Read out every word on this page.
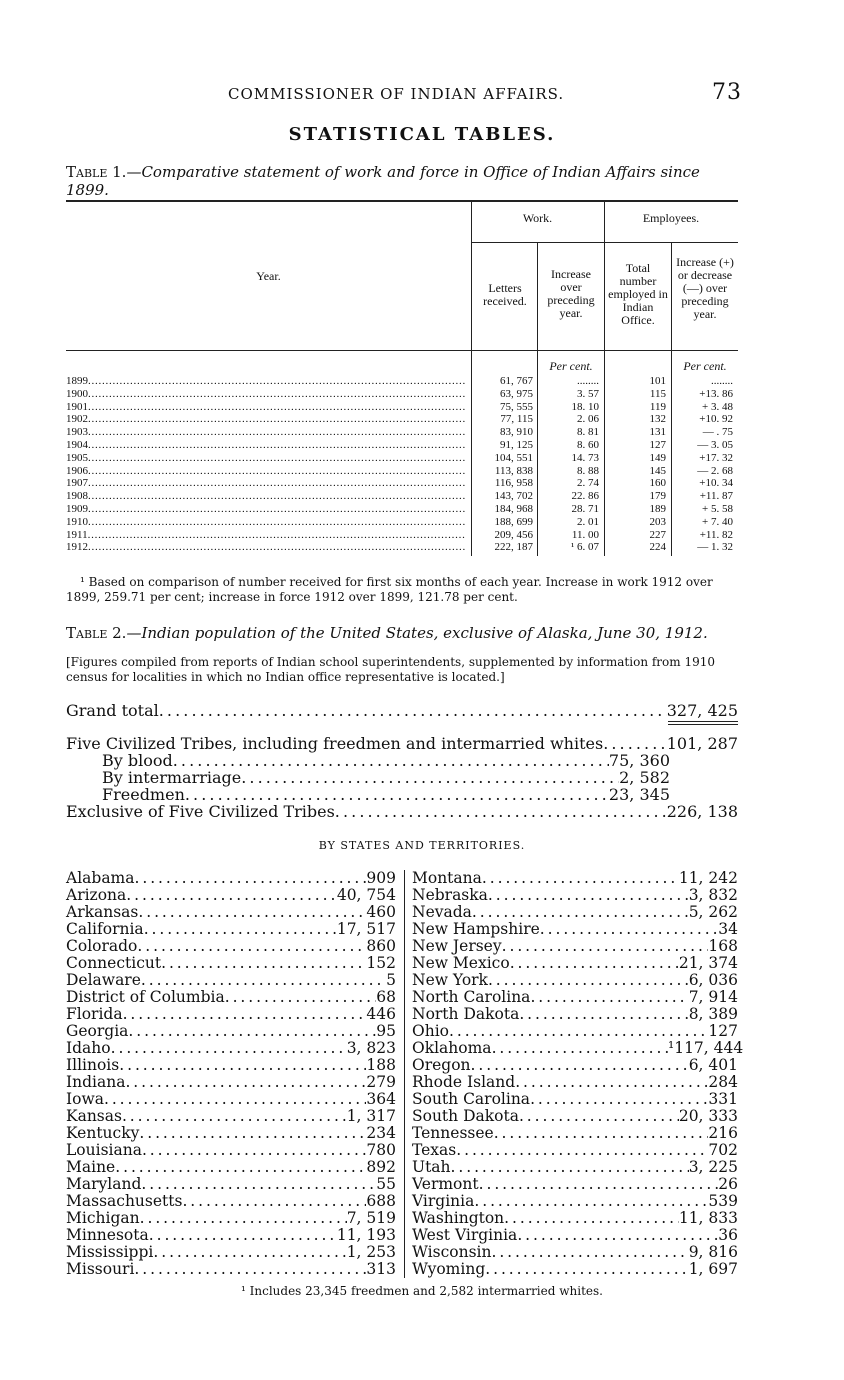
COMMISSIONER OF INDIAN AFFAIRS.	73
STATISTICAL TABLES.
Table 1.—Comparative statement of work and force in Office of Indian Affairs since 1899.
Year.
Work.	Employees.
Letters received.
Increase over preceding year.
Total number employed in Indian Office.
Increase (+) or decrease (—) over preceding year.
Per cent.	Per cent.
1899 . . .	61, 767	........	101	........
1900 . . .	63, 975	3. 57	115	+13. 86
1901 . . .	75, 555	18. 10	119	+ 3. 48
1902 . . .	77, 115	2. 06	132	+10. 92
1903 . . .	83, 910	8. 81	131	— . 75
1904 . . .	91, 125	8. 60	127	— 3. 05
1905 . . .	104, 551	14. 73	149	+17. 32
1906 . . .	113, 838	8. 88	145	— 2. 68
1907 . . .	116, 958	2. 74	160	+10. 34
1908 . . .	143, 702	22. 86	179	+11. 87
1909 . . .	184, 968	28. 71	189	+ 5. 58
1910 . . .	188, 699	2. 01	203	+ 7. 40
1911 . . .	209, 456	11. 00	227	+11. 82
1912 . . .	222, 187	¹ 6. 07	224	— 1. 32
¹ Based on comparison of number received for first six months of each year. Increase in work 1912 over 1899, 259.71 per cent; increase in force 1912 over 1899, 121.78 per cent.
Table 2.—Indian population of the United States, exclusive of Alaska, June 30, 1912.
[Figures compiled from reports of Indian school superintendents, supplemented by information from 1910 census for localities in which no Indian office representative is located.]
Grand total . . .	327, 425
Five Civilized Tribes, including freedmen and intermarried whites . . .	101, 287
By blood . . .	75, 360
By intermarriage . . .	2, 582
Freedmen . . .	23, 345
Exclusive of Five Civilized Tribes . . .	226, 138
BY STATES AND TERRITORIES.
Alabama . . .	909
Arizona . . .	40, 754
Arkansas . . .	460
California . . .	17, 517
Colorado . . .	860
Connecticut . . .	152
Delaware . . .	5
District of Columbia . . .	68
Florida . . .	446
Georgia . . .	95
Idaho . . .	3, 823
Illinois . . .	188
Indiana . . .	279
Iowa . . .	364
Kansas . . .	1, 317
Kentucky . . .	234
Louisiana . . .	780
Maine . . .	892
Maryland . . .	55
Massachusetts . . .	688
Michigan . . .	7, 519
Minnesota . . .	11, 193
Mississippi . . .	1, 253
Missouri . . .	313
Montana . . .	11, 242
Nebraska . . .	3, 832
Nevada . . .	5, 262
New Hampshire . . .	34
New Jersey . . .	168
New Mexico . . .	21, 374
New York . . .	6, 036
North Carolina . . .	7, 914
North Dakota . . .	8, 389
Ohio . . .	127
Oklahoma . . .	¹117, 444
Oregon . . .	6, 401
Rhode Island . . .	284
South Carolina . . .	331
South Dakota . . .	20, 333
Tennessee . . .	216
Texas . . .	702
Utah . . .	3, 225
Vermont . . .	26
Virginia . . .	539
Washington . . .	11, 833
West Virginia . . .	36
Wisconsin . . .	9, 816
Wyoming . . .	1, 697
¹ Includes 23,345 freedmen and 2,582 intermarried whites.
